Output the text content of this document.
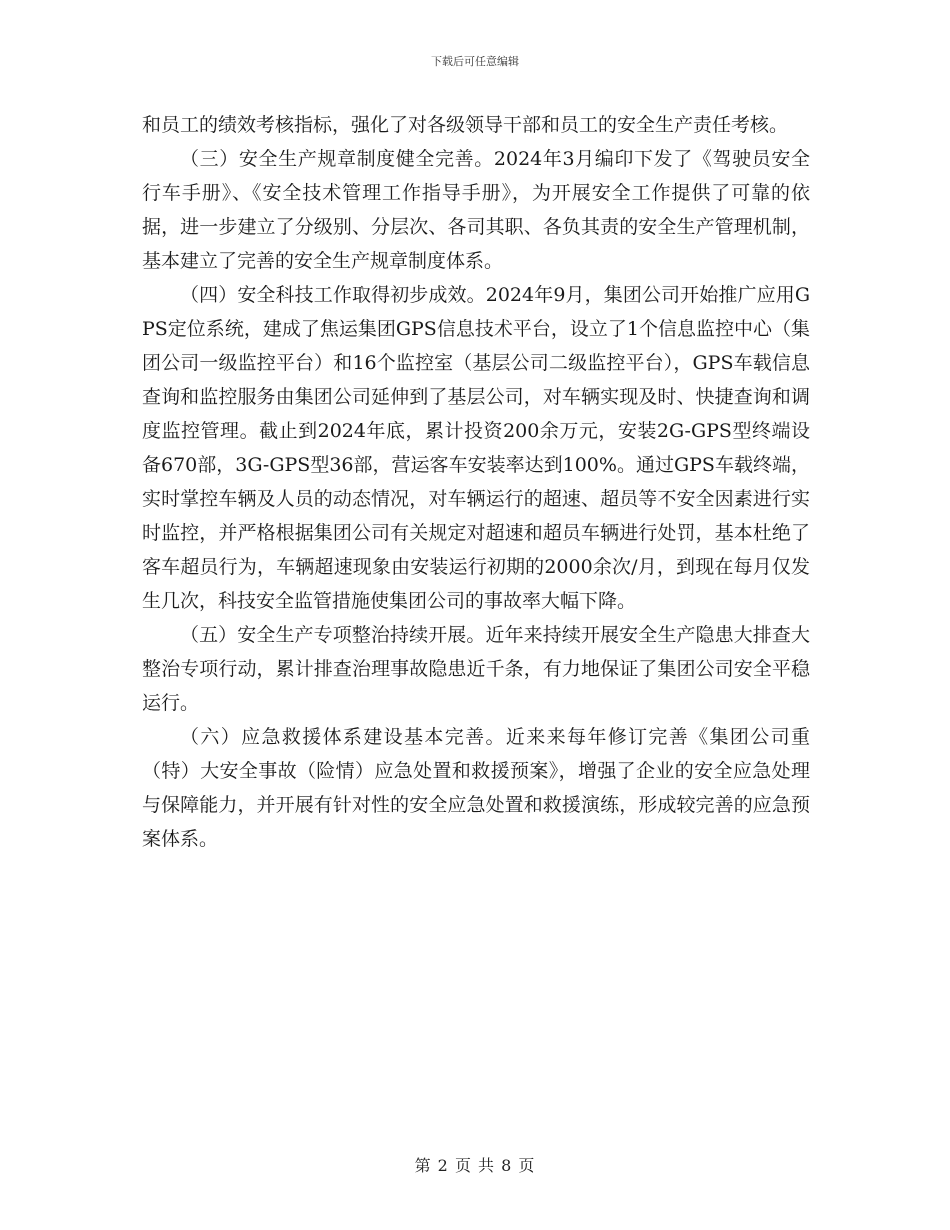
下载后可任意编辑

和员工的绩效考核指标，强化了对各级领导干部和员工的安全生产责任考核。

（三）安全生产规章制度健全完善。2024年3月编印下发了《驾驶员安全行车手册》、《安全技术管理工作指导手册》，为开展安全工作提供了可靠的依据，进一步建立了分级别、分层次、各司其职、各负其责的安全生产管理机制，基本建立了完善的安全生产规章制度体系。

（四）安全科技工作取得初步成效。2024年9月，集团公司开始推广应用GPS定位系统，建成了焦运集团GPS信息技术平台，设立了1个信息监控中心（集团公司一级监控平台）和16个监控室（基层公司二级监控平台），GPS车载信息查询和监控服务由集团公司延伸到了基层公司，对车辆实现及时、快捷查询和调度监控管理。截止到2024年底，累计投资200余万元，安装2G-GPS型终端设备670部，3G-GPS型36部，营运客车安装率达到100%。通过GPS车载终端，实时掌控车辆及人员的动态情况，对车辆运行的超速、超员等不安全因素进行实时监控，并严格根据集团公司有关规定对超速和超员车辆进行处罚，基本杜绝了客车超员行为，车辆超速现象由安装运行初期的2000余次/月，到现在每月仅发生几次，科技安全监管措施使集团公司的事故率大幅下降。

（五）安全生产专项整治持续开展。近年来持续开展安全生产隐患大排查大整治专项行动，累计排查治理事故隐患近千条，有力地保证了集团公司安全平稳运行。

（六）应急救援体系建设基本完善。近来来每年修订完善《集团公司重（特）大安全事故（险情）应急处置和救援预案》，增强了企业的安全应急处理与保障能力，并开展有针对性的安全应急处置和救援演练，形成较完善的应急预案体系。

第 2 页 共 8 页
